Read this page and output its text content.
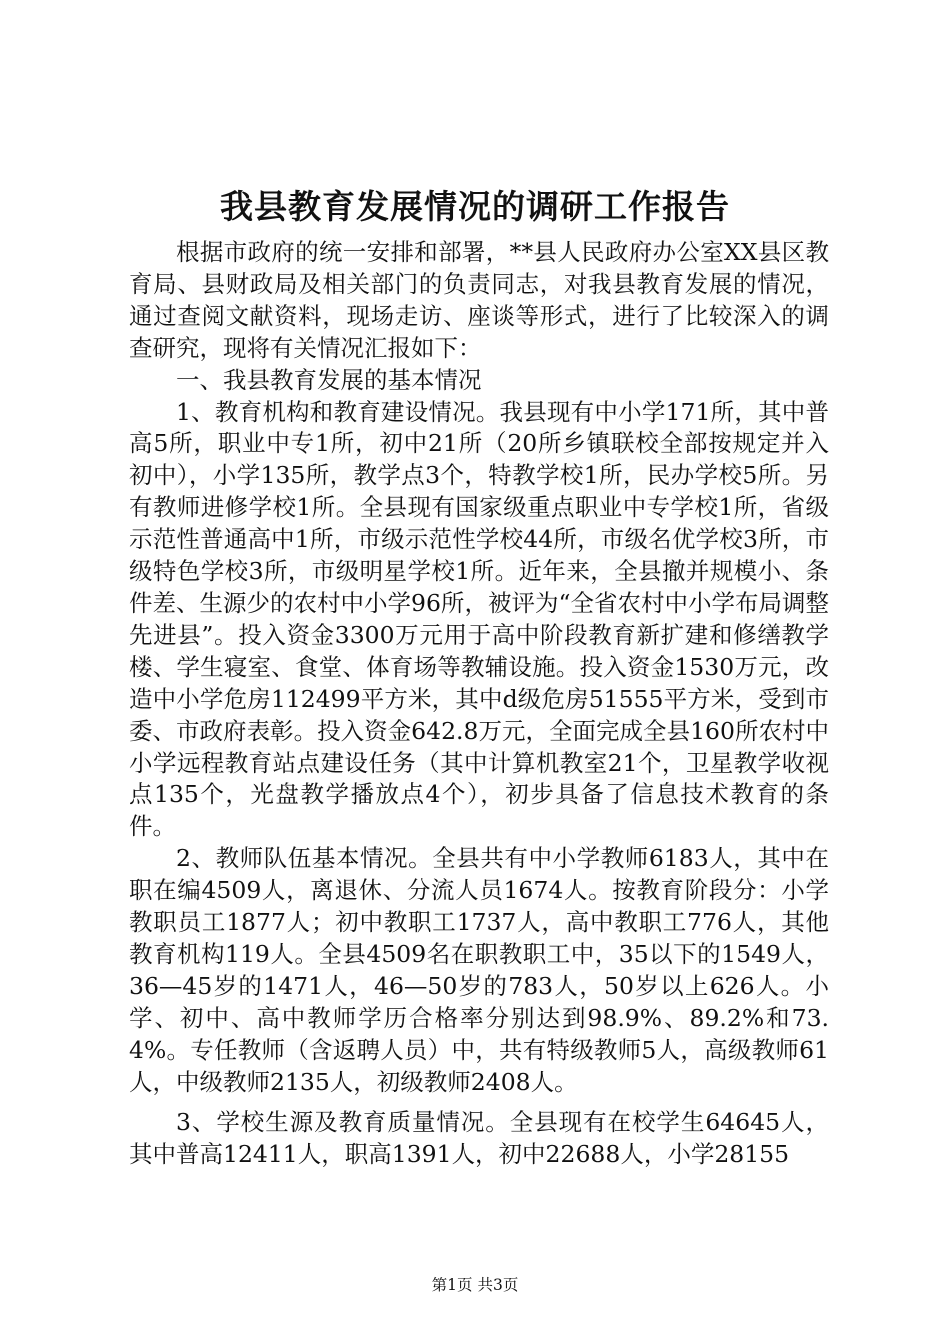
我县教育发展情况的调研工作报告

根据市政府的统一安排和部署，**县人民政府办公室XX县区教育局、县财政局及相关部门的负责同志，对我县教育发展的情况，通过查阅文献资料，现场走访、座谈等形式，进行了比较深入的调查研究，现将有关情况汇报如下：

一、我县教育发展的基本情况

1、教育机构和教育建设情况。我县现有中小学171所，其中普高5所，职业中专1所，初中21所（20所乡镇联校全部按规定并入初中），小学135所，教学点3个，特教学校1所，民办学校5所。另有教师进修学校1所。全县现有国家级重点职业中专学校1所，省级示范性普通高中1所，市级示范性学校44所，市级名优学校3所，市级特色学校3所，市级明星学校1所。近年来，全县撤并规模小、条件差、生源少的农村中小学96所，被评为“全省农村中小学布局调整先进县”。投入资金3300万元用于高中阶段教育新扩建和修缮教学楼、学生寝室、食堂、体育场等教辅设施。投入资金1530万元，改造中小学危房112499平方米，其中d级危房51555平方米，受到市委、市政府表彰。投入资金642.8万元，全面完成全县160所农村中小学远程教育站点建设任务（其中计算机教室21个，卫星教学收视点135个，光盘教学播放点4个），初步具备了信息技术教育的条件。

2、教师队伍基本情况。全县共有中小学教师6183人，其中在职在编4509人，离退休、分流人员1674人。按教育阶段分：小学教职员工1877人；初中教职工1737人，高中教职工776人，其他教育机构119人。全县4509名在职教职工中，35以下的1549人，36—45岁的1471人，46—50岁的783人，50岁以上626人。小学、初中、高中教师学历合格率分别达到98.9%、89.2%和73.4%。专任教师（含返聘人员）中，共有特级教师5人，高级教师61人，中级教师2135人，初级教师2408人。

3、学校生源及教育质量情况。全县现有在校学生64645人，其中普高12411人，职高1391人，初中22688人，小学28155

第1页 共3页
